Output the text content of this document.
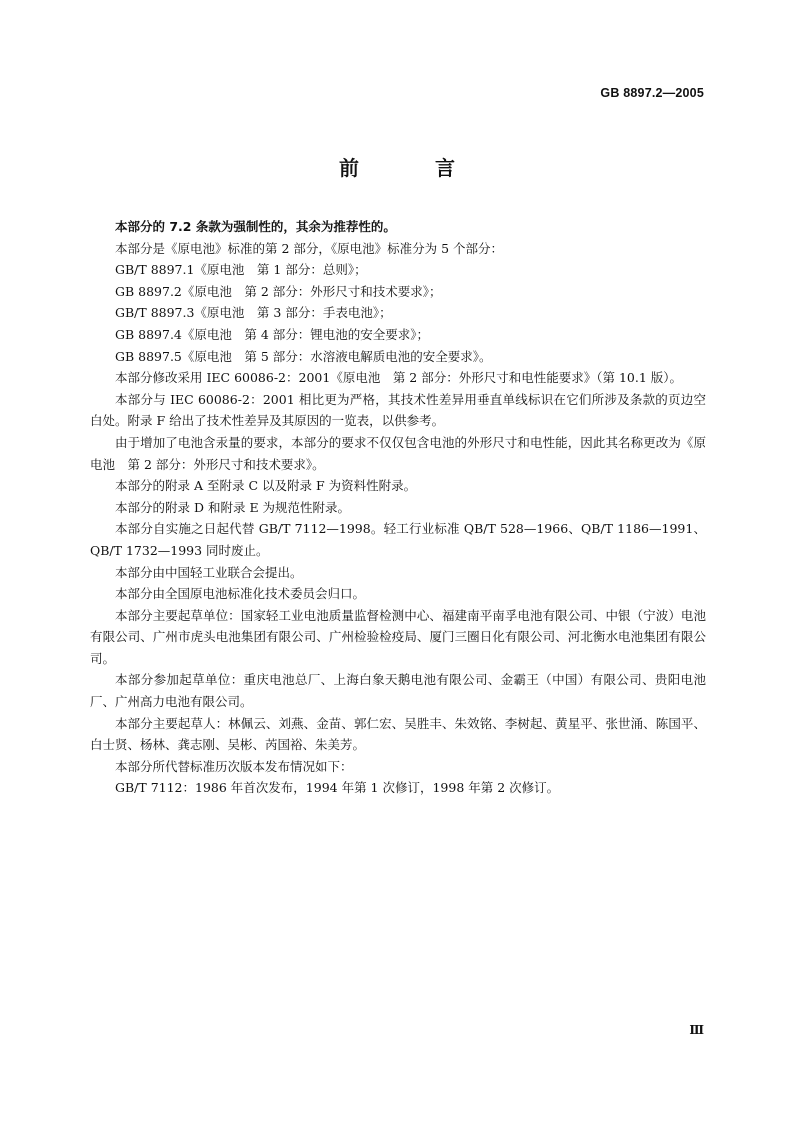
GB 8897.2—2005
前　言

本部分的 7.2 条款为强制性的，其余为推荐性的。

本部分是《原电池》标准的第 2 部分，《原电池》标准分为 5 个部分：

GB/T 8897.1《原电池　第 1 部分：总则》；

GB 8897.2《原电池　第 2 部分：外形尺寸和技术要求》；

GB/T 8897.3《原电池　第 3 部分：手表电池》；

GB 8897.4《原电池　第 4 部分：锂电池的安全要求》；

GB 8897.5《原电池　第 5 部分：水溶液电解质电池的安全要求》。

本部分修改采用 IEC 60086-2：2001《原电池　第 2 部分：外形尺寸和电性能要求》（第 10.1 版）。

本部分与 IEC 60086-2：2001 相比更为严格，其技术性差异用垂直单线标识在它们所涉及条款的页边空白处。附录 F 给出了技术性差异及其原因的一览表，以供参考。

由于增加了电池含汞量的要求，本部分的要求不仅仅包含电池的外形尺寸和电性能，因此其名称更改为《原电池　第 2 部分：外形尺寸和技术要求》。

本部分的附录 A 至附录 C 以及附录 F 为资料性附录。

本部分的附录 D 和附录 E 为规范性附录。

本部分自实施之日起代替 GB/T 7112—1998。轻工行业标准 QB/T 528—1966、QB/T 1186—1991、QB/T 1732—1993 同时废止。

本部分由中国轻工业联合会提出。

本部分由全国原电池标准化技术委员会归口。

本部分主要起草单位：国家轻工业电池质量监督检测中心、福建南平南孚电池有限公司、中银（宁波）电池有限公司、广州市虎头电池集团有限公司、广州检验检疫局、厦门三圈日化有限公司、河北衡水电池集团有限公司。

本部分参加起草单位：重庆电池总厂、上海白象天鹅电池有限公司、金霸王（中国）有限公司、贵阳电池厂、广州高力电池有限公司。

本部分主要起草人：林佩云、刘燕、金苗、郭仁宏、吴胜丰、朱效铭、李树起、黄星平、张世涌、陈国平、白士贤、杨林、龚志刚、吴彬、芮国裕、朱美芳。

本部分所代替标准历次版本发布情况如下：

GB/T 7112：1986 年首次发布，1994 年第 1 次修订，1998 年第 2 次修订。

Ⅲ
